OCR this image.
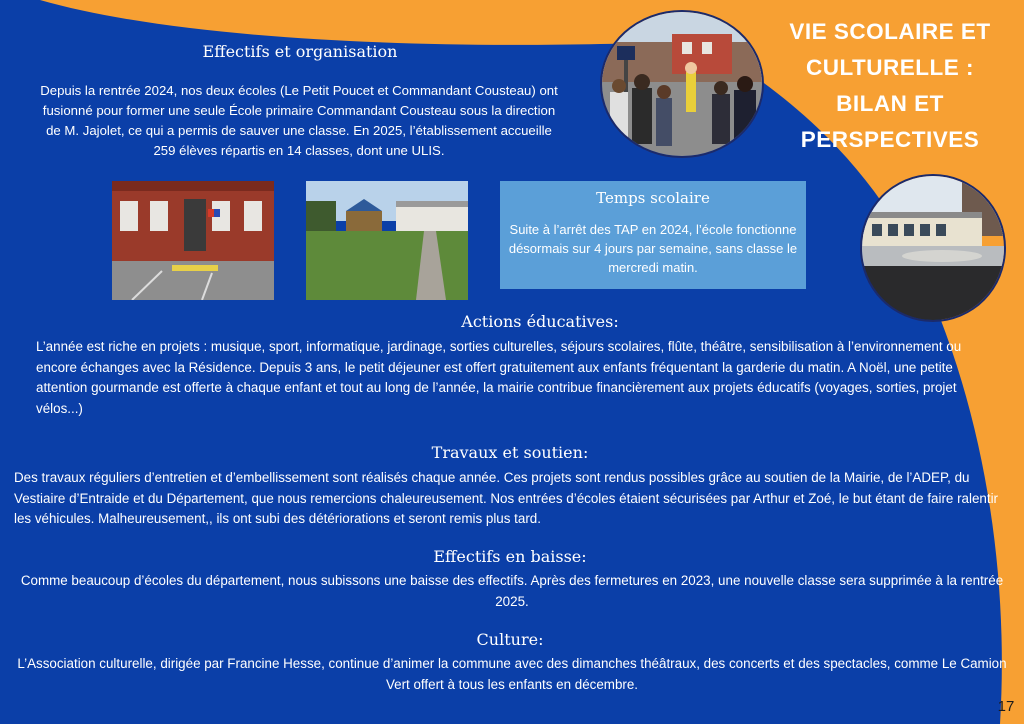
VIE SCOLAIRE ET CULTURELLE : BILAN ET PERSPECTIVES
Effectifs et organisation
Depuis la rentrée 2024, nos deux écoles (Le Petit Poucet et Commandant Cousteau) ont fusionné pour former une seule École primaire Commandant Cousteau sous la direction de M. Jajolet, ce qui a permis de sauver une classe. En 2025, l’établissement accueille 259 élèves répartis en 14 classes, dont une ULIS.
Temps scolaire
Suite à l’arrêt des TAP en 2024, l’école fonctionne désormais sur 4 jours par semaine, sans classe le mercredi matin.
Actions éducatives:
L’année est riche en projets : musique, sport, informatique, jardinage, sorties culturelles, séjours scolaires, flûte, théâtre, sensibilisation à l’environnement ou encore échanges avec la Résidence. Depuis 3 ans, le petit déjeuner est offert gratuitement aux enfants fréquentant la garderie du matin. A Noël, une petite attention gourmande est offerte à chaque enfant et tout au long de l’année, la mairie contribue financièrement aux projets éducatifs (voyages, sorties, projet vélos...)
Travaux et soutien:
Des travaux réguliers d’entretien et d’embellissement sont réalisés chaque année. Ces projets sont rendus possibles grâce au soutien de la Mairie, de l’ADEP, du Vestiaire d’Entraide et du Département, que nous remercions chaleureusement. Nos entrées d’écoles étaient sécurisées par Arthur et Zoé, le but étant de faire ralentir les véhicules. Malheureusement,, ils ont subi des détériorations et seront remis plus tard.
Effectifs en baisse:
Comme beaucoup d’écoles du département, nous subissons une baisse des effectifs. Après des fermetures en 2023, une nouvelle classe sera supprimée à la rentrée 2025.
Culture:
L’Association culturelle, dirigée par Francine Hesse, continue d’animer la commune avec des dimanches théâtraux, des concerts et des spectacles, comme Le Camion Vert offert à tous les enfants en décembre.
17
